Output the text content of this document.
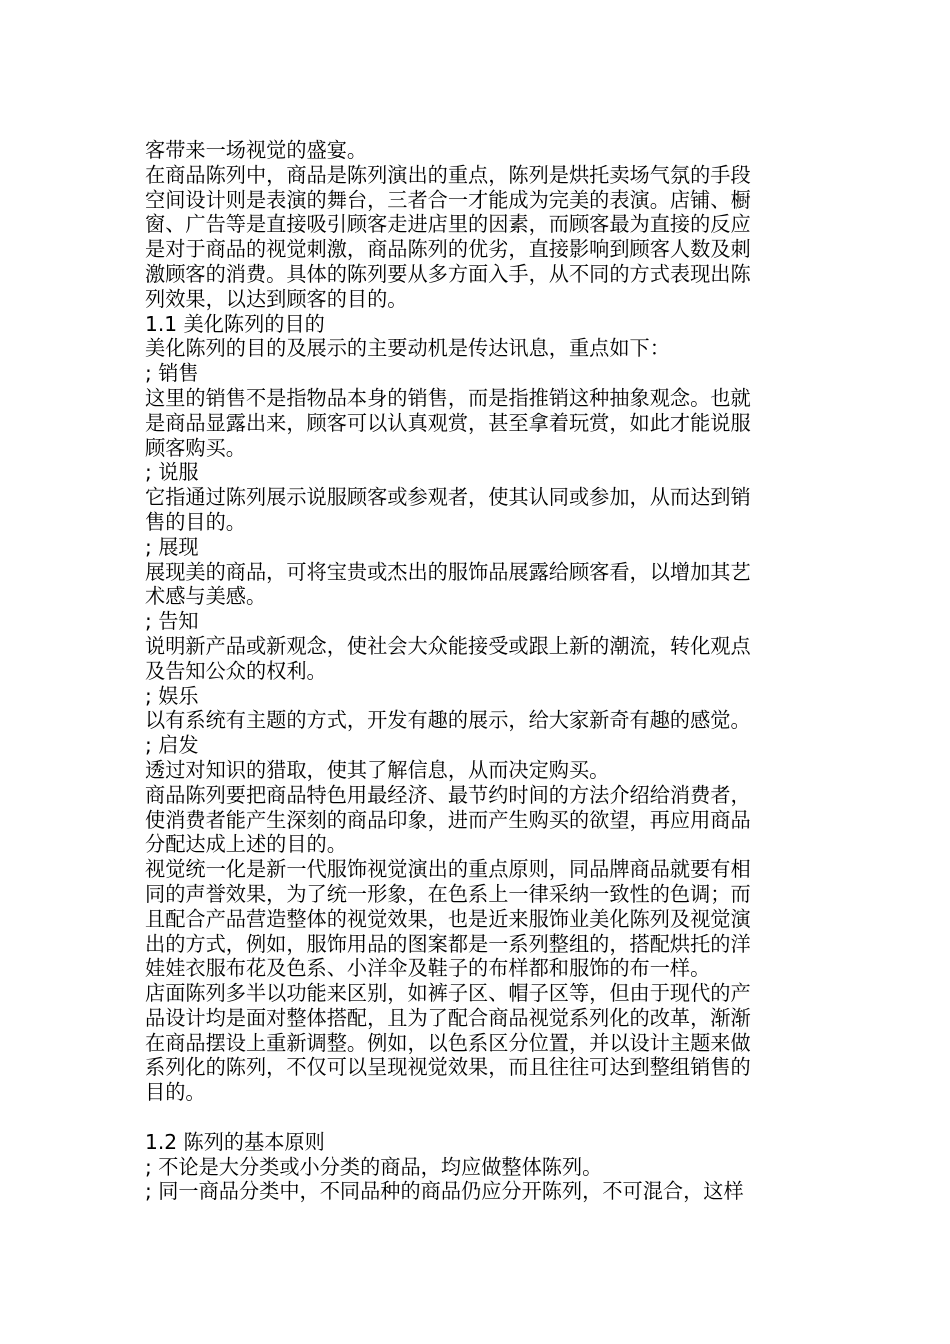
客带来一场视觉的盛宴。
在商品陈列中，商品是陈列演出的重点，陈列是烘托卖场气氛的手段
空间设计则是表演的舞台，三者合一才能成为完美的表演。店铺、橱
窗、广告等是直接吸引顾客走进店里的因素，而顾客最为直接的反应
是对于商品的视觉刺激，商品陈列的优劣，直接影响到顾客人数及刺
激顾客的消费。具体的陈列要从多方面入手，从不同的方式表现出陈
列效果，以达到顾客的目的。
1.1 美化陈列的目的
美化陈列的目的及展示的主要动机是传达讯息，重点如下：
; 销售
这里的销售不是指物品本身的销售，而是指推销这种抽象观念。也就
是商品显露出来，顾客可以认真观赏，甚至拿着玩赏，如此才能说服
顾客购买。
; 说服
它指通过陈列展示说服顾客或参观者，使其认同或参加，从而达到销
售的目的。
; 展现
展现美的商品，可将宝贵或杰出的服饰品展露给顾客看，以增加其艺
术感与美感。
; 告知
说明新产品或新观念，使社会大众能接受或跟上新的潮流，转化观点
及告知公众的权利。
; 娱乐
以有系统有主题的方式，开发有趣的展示，给大家新奇有趣的感觉。
; 启发
透过对知识的猎取，使其了解信息，从而决定购买。
商品陈列要把商品特色用最经济、最节约时间的方法介绍给消费者，
使消费者能产生深刻的商品印象，进而产生购买的欲望，再应用商品
分配达成上述的目的。
视觉统一化是新一代服饰视觉演出的重点原则，同品牌商品就要有相
同的声誉效果，为了统一形象，在色系上一律采纳一致性的色调；而
且配合产品营造整体的视觉效果，也是近来服饰业美化陈列及视觉演
出的方式，例如，服饰用品的图案都是一系列整组的，搭配烘托的洋
娃娃衣服布花及色系、小洋伞及鞋子的布样都和服饰的布一样。
店面陈列多半以功能来区别，如裤子区、帽子区等，但由于现代的产
品设计均是面对整体搭配，且为了配合商品视觉系列化的改革，渐渐
在商品摆设上重新调整。例如，以色系区分位置，并以设计主题来做
系列化的陈列，不仅可以呈现视觉效果，而且往往可达到整组销售的
目的。
1.2 陈列的基本原则
; 不论是大分类或小分类的商品，均应做整体陈列。
; 同一商品分类中，不同品种的商品仍应分开陈列，不可混合，这样
